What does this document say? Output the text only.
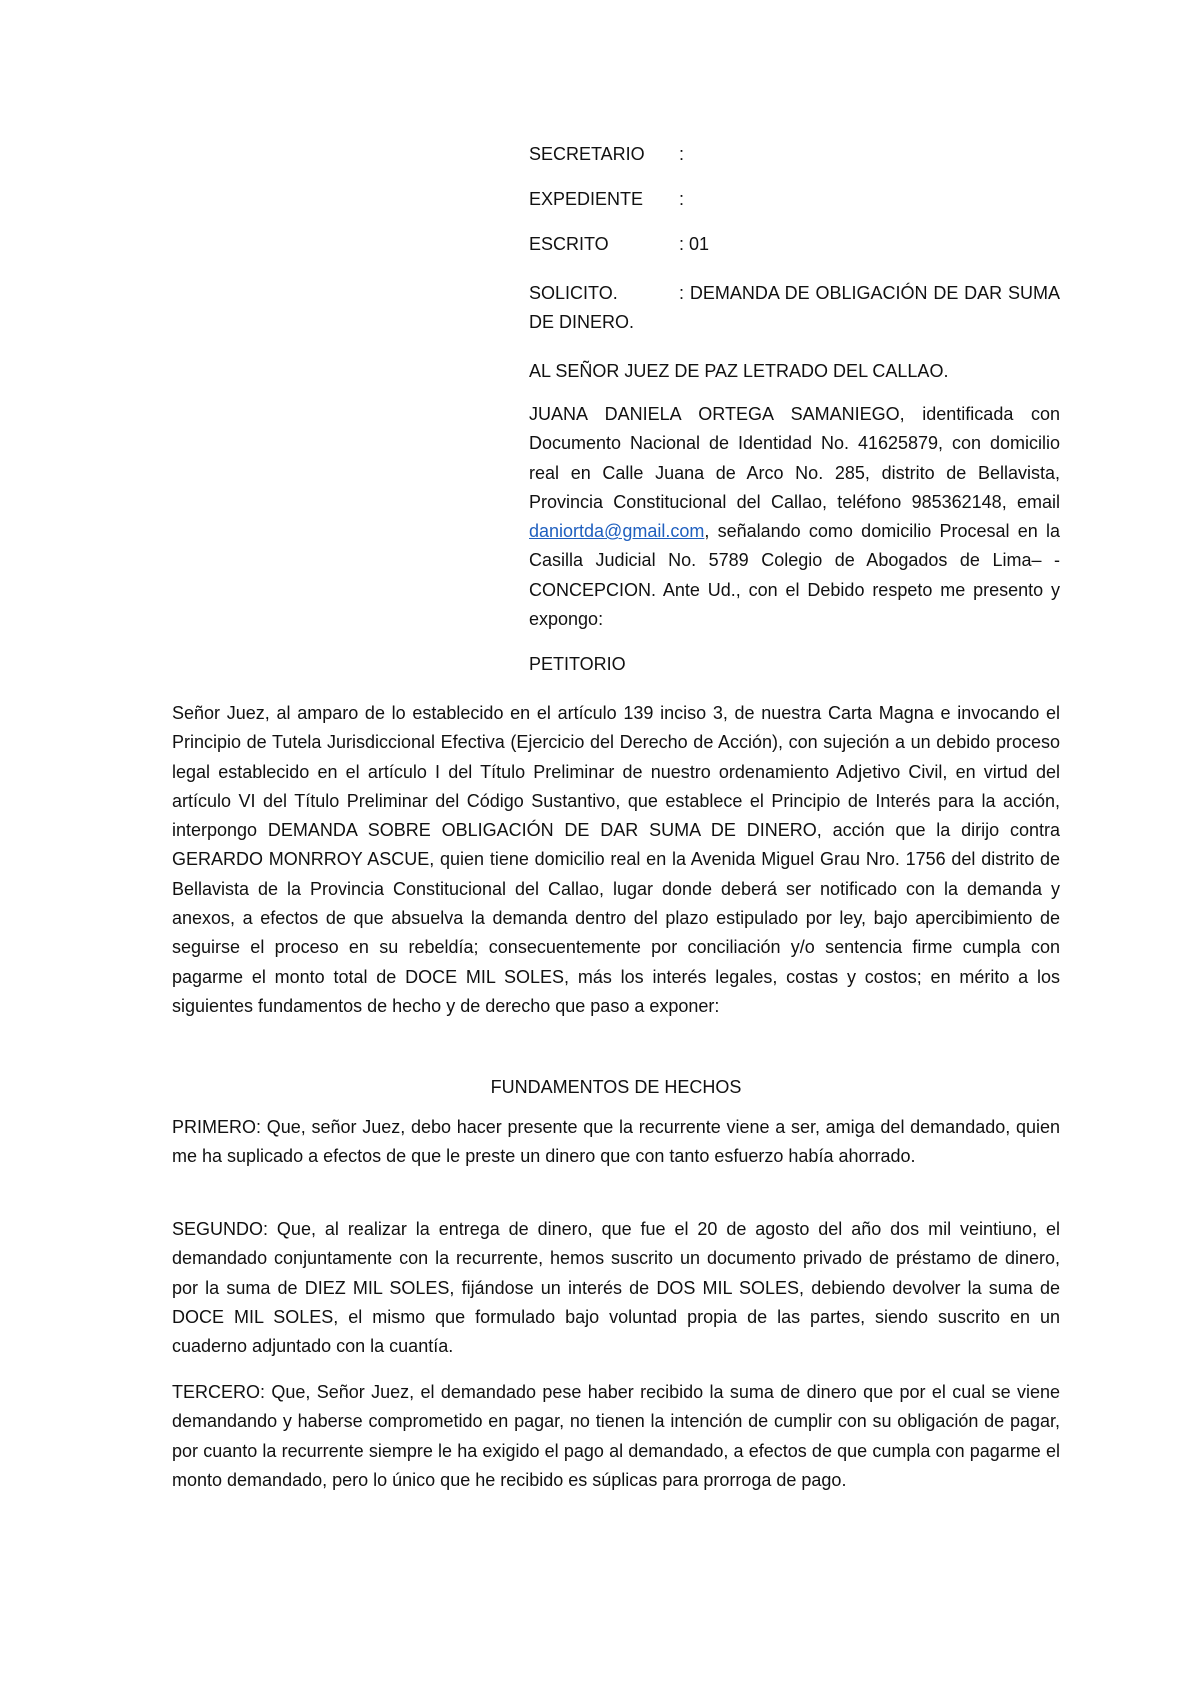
SECRETARIO	:
EXPEDIENTE	:
ESCRITO	: 01
SOLICITO.	: DEMANDA DE OBLIGACIÓN DE DAR SUMA DE DINERO.
AL SEÑOR JUEZ DE PAZ LETRADO DEL CALLAO.

JUANA DANIELA ORTEGA SAMANIEGO, identificada con Documento Nacional de Identidad No. 41625879, con domicilio real en Calle Juana de Arco No. 285, distrito de Bellavista, Provincia Constitucional del Callao, teléfono 985362148, email daniortda@gmail.com, señalando como domicilio Procesal en la Casilla Judicial No. 5789 Colegio de Abogados de Lima– -CONCEPCION. Ante Ud., con el Debido respeto me presento y expongo:

PETITORIO

Señor Juez, al amparo de lo establecido en el artículo 139 inciso 3, de nuestra Carta Magna e invocando el Principio de Tutela Jurisdiccional Efectiva (Ejercicio del Derecho de Acción), con sujeción a un debido proceso legal establecido en el artículo I del Título Preliminar de nuestro ordenamiento Adjetivo Civil, en virtud del artículo VI del Título Preliminar del Código Sustantivo, que establece el Principio de Interés para la acción, interpongo DEMANDA SOBRE OBLIGACIÓN DE DAR SUMA DE DINERO, acción que la dirijo contra GERARDO MONRROY ASCUE, quien tiene domicilio real en la Avenida Miguel Grau Nro. 1756 del distrito de Bellavista de la Provincia Constitucional del Callao, lugar donde deberá ser notificado con la demanda y anexos, a efectos de que absuelva la demanda dentro del plazo estipulado por ley, bajo apercibimiento de seguirse el proceso en su rebeldía; consecuentemente por conciliación y/o sentencia firme cumpla con pagarme el monto total de DOCE MIL SOLES, más los interés legales, costas y costos; en mérito a los siguientes fundamentos de hecho y de derecho que paso a exponer:

FUNDAMENTOS DE HECHOS

PRIMERO: Que, señor Juez, debo hacer presente que la recurrente viene a ser, amiga del demandado, quien me ha suplicado a efectos de que le preste un dinero que con tanto esfuerzo había ahorrado.

SEGUNDO: Que, al realizar la entrega de dinero, que fue el 20 de agosto del año dos mil veintiuno, el demandado conjuntamente con la recurrente, hemos suscrito un documento privado de préstamo de dinero, por la suma de DIEZ MIL SOLES, fijándose un interés de DOS MIL SOLES, debiendo devolver la suma de DOCE MIL SOLES, el mismo que formulado bajo voluntad propia de las partes, siendo suscrito en un cuaderno adjuntado con la cuantía.

TERCERO: Que, Señor Juez, el demandado pese haber recibido la suma de dinero que por el cual se viene demandando y haberse comprometido en pagar, no tienen la intención de cumplir con su obligación de pagar, por cuanto la recurrente siempre le ha exigido el pago al demandado, a efectos de que cumpla con pagarme el monto demandado, pero lo único que he recibido es súplicas para prorroga de pago.
